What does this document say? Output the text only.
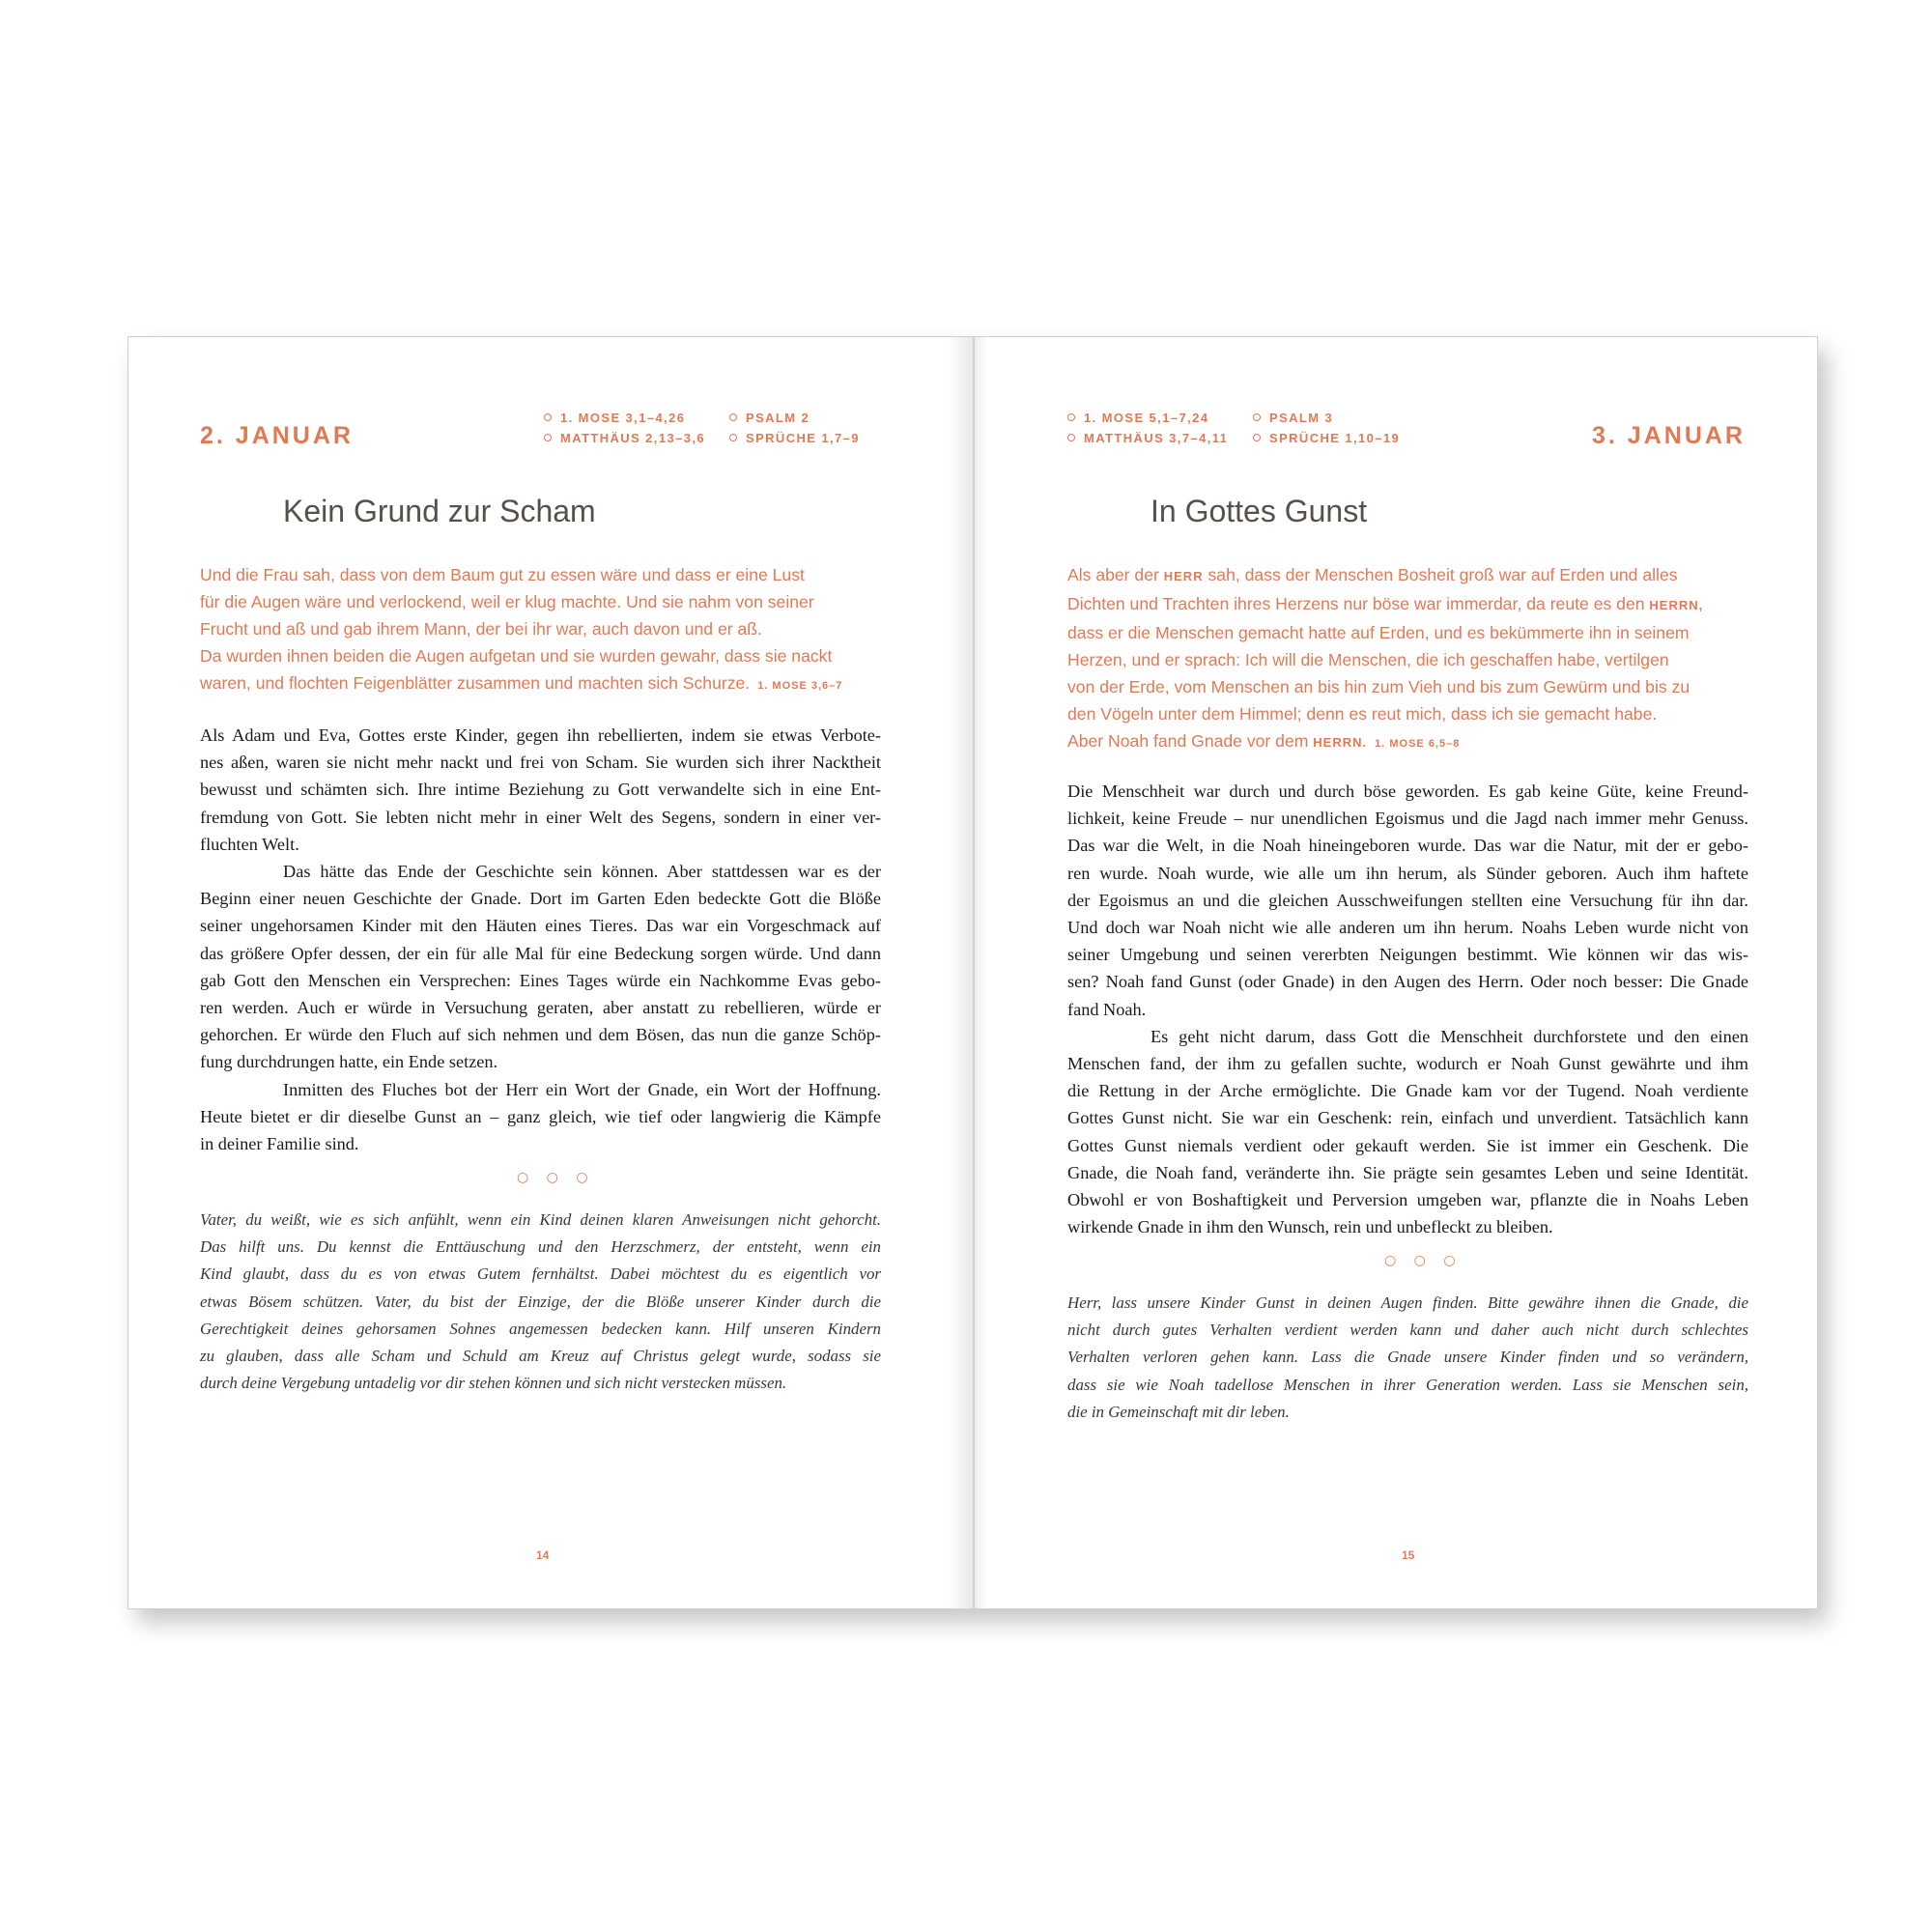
2. JANUAR
1. MOSE 3,1–4,26	PSALM 2
MATTHÄUS 2,13–3,6	SPRÜCHE 1,7–9
Kein Grund zur Scham

Und die Frau sah, dass von dem Baum gut zu essen wäre und dass er eine Lust

für die Augen wäre und verlockend, weil er klug machte. Und sie nahm von seiner

Frucht und aß und gab ihrem Mann, der bei ihr war, auch davon und er aß.

Da wurden ihnen beiden die Augen aufgetan und sie wurden gewahr, dass sie nackt

waren, und flochten Feigenblätter zusammen und machten sich Schurze. 1. MOSE 3,6–7

Als Adam und Eva, Gottes erste Kinder, gegen ihn rebellierten, indem sie etwas Verbote-

nes aßen, waren sie nicht mehr nackt und frei von Scham. Sie wurden sich ihrer Nacktheit

bewusst und schämten sich. Ihre intime Beziehung zu Gott verwandelte sich in eine Ent-

fremdung von Gott. Sie lebten nicht mehr in einer Welt des Segens, sondern in einer ver-

fluchten Welt.

Das hätte das Ende der Geschichte sein können. Aber stattdessen war es der

Beginn einer neuen Geschichte der Gnade. Dort im Garten Eden bedeckte Gott die Blöße

seiner ungehorsamen Kinder mit den Häuten eines Tieres. Das war ein Vorgeschmack auf

das größere Opfer dessen, der ein für alle Mal für eine Bedeckung sorgen würde. Und dann

gab Gott den Menschen ein Versprechen: Eines Tages würde ein Nachkomme Evas gebo-

ren werden. Auch er würde in Versuchung geraten, aber anstatt zu rebellieren, würde er

gehorchen. Er würde den Fluch auf sich nehmen und dem Bösen, das nun die ganze Schöp-

fung durchdrungen hatte, ein Ende setzen.

Inmitten des Fluches bot der Herr ein Wort der Gnade, ein Wort der Hoffnung.

Heute bietet er dir dieselbe Gunst an – ganz gleich, wie tief oder langwierig die Kämpfe

in deiner Familie sind.

○ ○ ○

Vater, du weißt, wie es sich anfühlt, wenn ein Kind deinen klaren Anweisungen nicht gehorcht.

Das hilft uns. Du kennst die Enttäuschung und den Herzschmerz, der entsteht, wenn ein

Kind glaubt, dass du es von etwas Gutem fernhältst. Dabei möchtest du es eigentlich vor

etwas Bösem schützen. Vater, du bist der Einzige, der die Blöße unserer Kinder durch die

Gerechtigkeit deines gehorsamen Sohnes angemessen bedecken kann. Hilf unseren Kindern

zu glauben, dass alle Scham und Schuld am Kreuz auf Christus gelegt wurde, sodass sie

durch deine Vergebung untadelig vor dir stehen können und sich nicht verstecken müssen.

14
1. MOSE 5,1–7,24	PSALM 3
MATTHÄUS 3,7–4,11	SPRÜCHE 1,10–19	3. JANUAR
In Gottes Gunst

Als aber der HERR sah, dass der Menschen Bosheit groß war auf Erden und alles

Dichten und Trachten ihres Herzens nur böse war immerdar, da reute es den HERRN,

dass er die Menschen gemacht hatte auf Erden, und es bekümmerte ihn in seinem

Herzen, und er sprach: Ich will die Menschen, die ich geschaffen habe, vertilgen

von der Erde, vom Menschen an bis hin zum Vieh und bis zum Gewürm und bis zu

den Vögeln unter dem Himmel; denn es reut mich, dass ich sie gemacht habe.

Aber Noah fand Gnade vor dem HERRN. 1. MOSE 6,5–8

Die Menschheit war durch und durch böse geworden. Es gab keine Güte, keine Freund-

lichkeit, keine Freude – nur unendlichen Egoismus und die Jagd nach immer mehr Genuss.

Das war die Welt, in die Noah hineingeboren wurde. Das war die Natur, mit der er gebo-

ren wurde. Noah wurde, wie alle um ihn herum, als Sünder geboren. Auch ihm haftete

der Egoismus an und die gleichen Ausschweifungen stellten eine Versuchung für ihn dar.

Und doch war Noah nicht wie alle anderen um ihn herum. Noahs Leben wurde nicht von

seiner Umgebung und seinen vererbten Neigungen bestimmt. Wie können wir das wis-

sen? Noah fand Gunst (oder Gnade) in den Augen des Herrn. Oder noch besser: Die Gnade

fand Noah.

Es geht nicht darum, dass Gott die Menschheit durchforstete und den einen

Menschen fand, der ihm zu gefallen suchte, wodurch er Noah Gunst gewährte und ihm

die Rettung in der Arche ermöglichte. Die Gnade kam vor der Tugend. Noah verdiente

Gottes Gunst nicht. Sie war ein Geschenk: rein, einfach und unverdient. Tatsächlich kann

Gottes Gunst niemals verdient oder gekauft werden. Sie ist immer ein Geschenk. Die

Gnade, die Noah fand, veränderte ihn. Sie prägte sein gesamtes Leben und seine Identität.

Obwohl er von Boshaftigkeit und Perversion umgeben war, pflanzte die in Noahs Leben

wirkende Gnade in ihm den Wunsch, rein und unbefleckt zu bleiben.

○ ○ ○

Herr, lass unsere Kinder Gunst in deinen Augen finden. Bitte gewähre ihnen die Gnade, die

nicht durch gutes Verhalten verdient werden kann und daher auch nicht durch schlechtes

Verhalten verloren gehen kann. Lass die Gnade unsere Kinder finden und so verändern,

dass sie wie Noah tadellose Menschen in ihrer Generation werden. Lass sie Menschen sein,

die in Gemeinschaft mit dir leben.

15
